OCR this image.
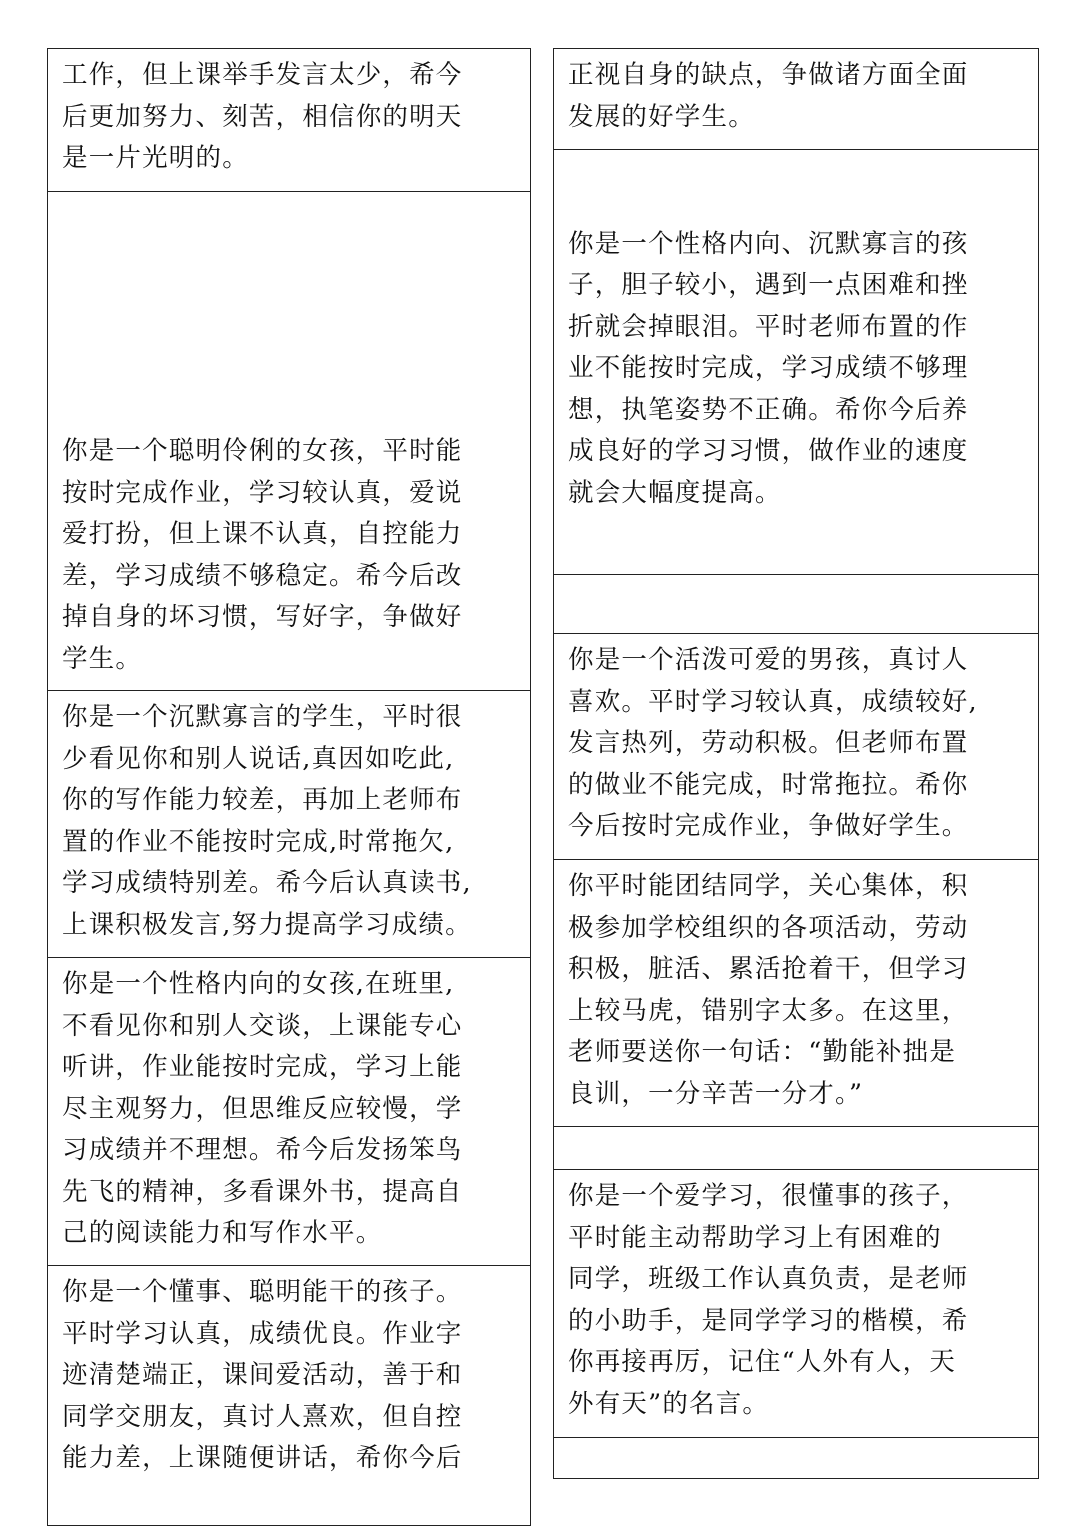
工作，但上课举手发言太少，希今
后更加努力、刻苦，相信你的明天
是一片光明的。

你是一个聪明伶俐的女孩，平时能
按时完成作业，学习较认真，爱说
爱打扮，但上课不认真，自控能力
差，学习成绩不够稳定。希今后改
掉自身的坏习惯，写好字，争做好
学生。

你是一个沉默寡言的学生，平时很
少看见你和别人说话,真因如吃此,
你的写作能力较差，再加上老师布
置的作业不能按时完成,时常拖欠,
学习成绩特别差。希今后认真读书,
上课积极发言,努力提高学习成绩。

你是一个性格内向的女孩,在班里,
不看见你和别人交谈，上课能专心
听讲，作业能按时完成，学习上能
尽主观努力，但思维反应较慢，学
习成绩并不理想。希今后发扬笨鸟
先飞的精神，多看课外书，提高自
己的阅读能力和写作水平。

你是一个懂事、聪明能干的孩子。
平时学习认真，成绩优良。作业字
迹清楚端正，课间爱活动，善于和
同学交朋友，真讨人熹欢，但自控
能力差，上课随便讲话，希你今后

正视自身的缺点，争做诸方面全面
发展的好学生。

你是一个性格内向、沉默寡言的孩
子，胆子较小，遇到一点困难和挫
折就会掉眼泪。平时老师布置的作
业不能按时完成，学习成绩不够理
想，执笔姿势不正确。希你今后养
成良好的学习习惯，做作业的速度
就会大幅度提高。

你是一个活泼可爱的男孩，真讨人
喜欢。平时学习较认真，成绩较好,
发言热列，劳动积极。但老师布置
的做业不能完成，时常拖拉。希你
今后按时完成作业，争做好学生。

你平时能团结同学，关心集体，积
极参加学校组织的各项活动，劳动
积极，脏活、累活抢着干，但学习
上较马虎，错别字太多。在这里，
老师要送你一句话：“勤能补拙是
良训，一分辛苦一分才。”

你是一个爱学习，很懂事的孩子，
平时能主动帮助学习上有困难的
同学，班级工作认真负责，是老师
的小助手，是同学学习的楷模，希
你再接再厉，记住“人外有人，天
外有天”的名言。
